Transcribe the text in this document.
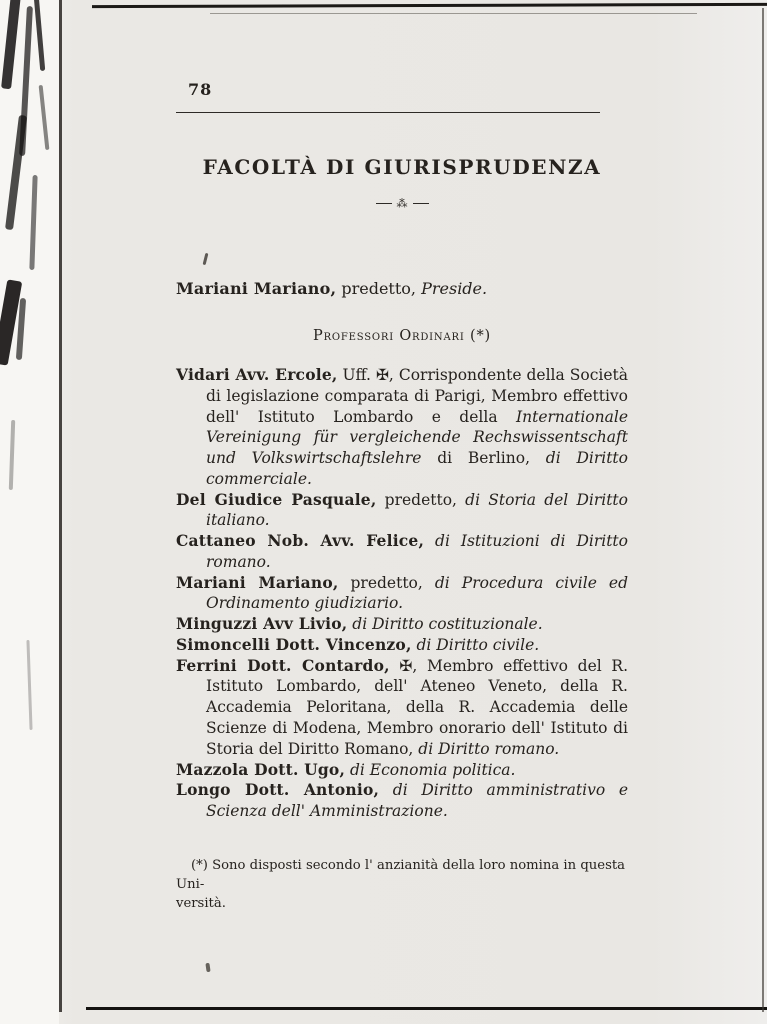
78
FACOLTÀ DI GIURISPRUDENZA
⁂

Mariani Mariano, predetto, Preside.

Professori Ordinari (*)

Vidari Avv. Ercole, Uff. ✠, Corrispondente della Società di legislazione comparata di Parigi, Membro effettivo dell' Istituto Lombardo e della Internationale Vereinigung für vergleichende Rechswissentschaft und Volkswirtschaftslehre di Berlino, di Diritto commerciale.

Del Giudice Pasquale, predetto, di Storia del Diritto italiano.

Cattaneo Nob. Avv. Felice, di Istituzioni di Diritto romano.

Mariani Mariano, predetto, di Procedura civile ed Ordinamento giudiziario.

Minguzzi Avv Livio, di Diritto costituzionale.

Simoncelli Dott. Vincenzo, di Diritto civile.

Ferrini Dott. Contardo, ✠, Membro effettivo del R. Istituto Lombardo, dell' Ateneo Veneto, della R. Accademia Peloritana, della R. Accademia delle Scienze di Modena, Membro onorario dell' Istituto di Storia del Diritto Romano, di Diritto romano.

Mazzola Dott. Ugo, di Economia politica.

Longo Dott. Antonio, di Diritto amministrativo e Scienza dell' Amministrazione.

(*) Sono disposti secondo l' anzianità della loro nomina in questa Uni-
versità.
